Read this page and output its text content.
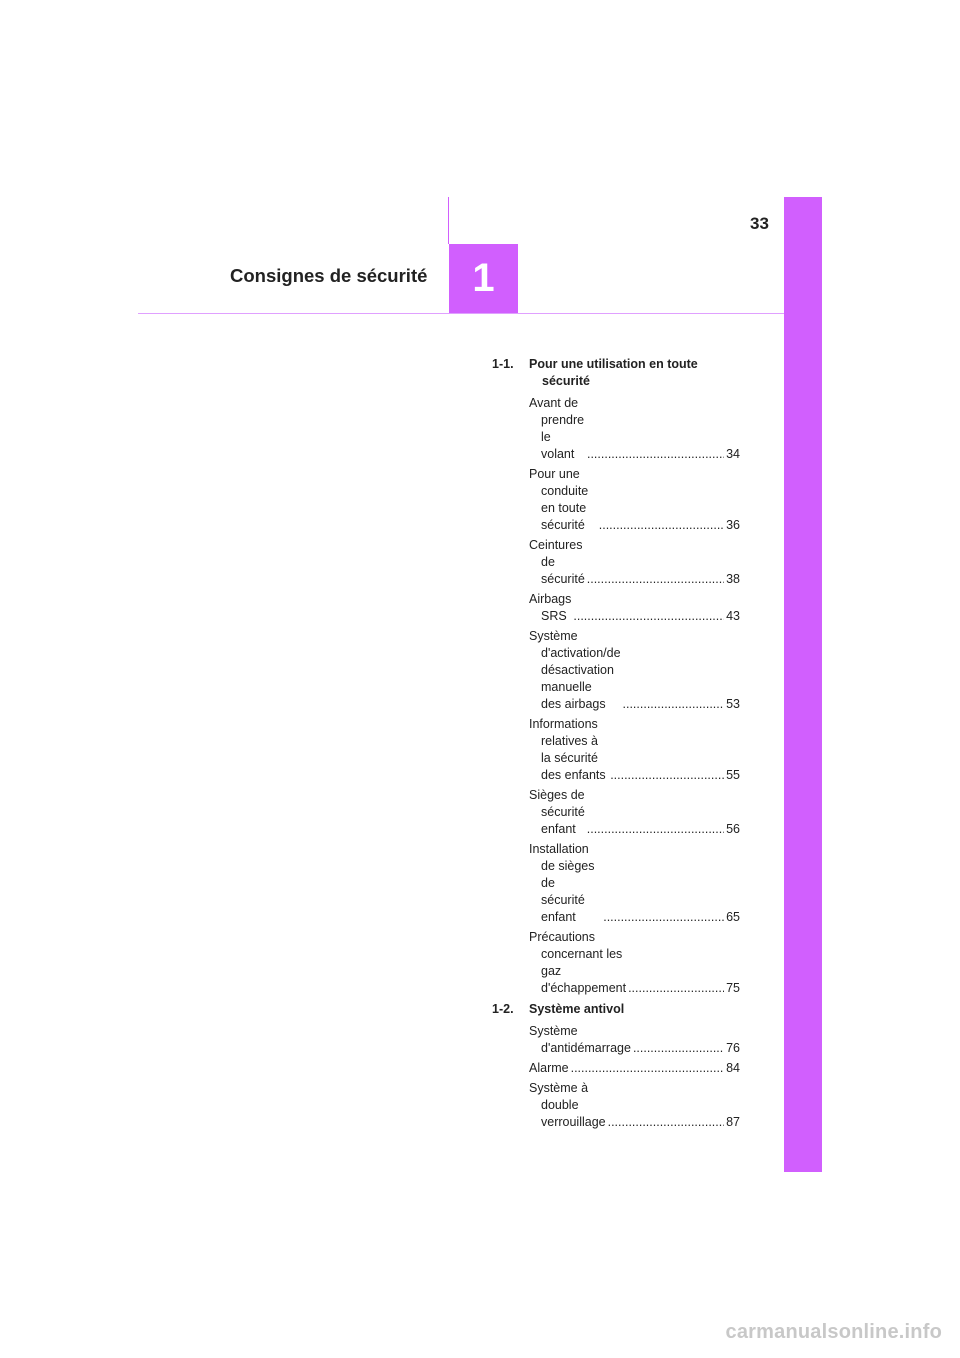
33
1
Consignes de sécurité
1-1. Pour une utilisation en toute sécurité
Avant de prendre le volant .....	34
Pour une conduite en toute sécurité .....	36
Ceintures de sécurité .....	38
Airbags SRS .....	43
Système d'activation/de
désactivation manuelle
des airbags .....	53
Informations relatives à la sécurité des enfants .....	55
Sièges de sécurité enfant .....	56
Installation de sièges de sécurité enfant .....	65
Précautions concernant les
gaz d'échappement .....	75
1-2. Système antivol
Système d'antidémarrage .....	76
Alarme .....	84
Système à double verrouillage .....	87
carmanualsonline.info
